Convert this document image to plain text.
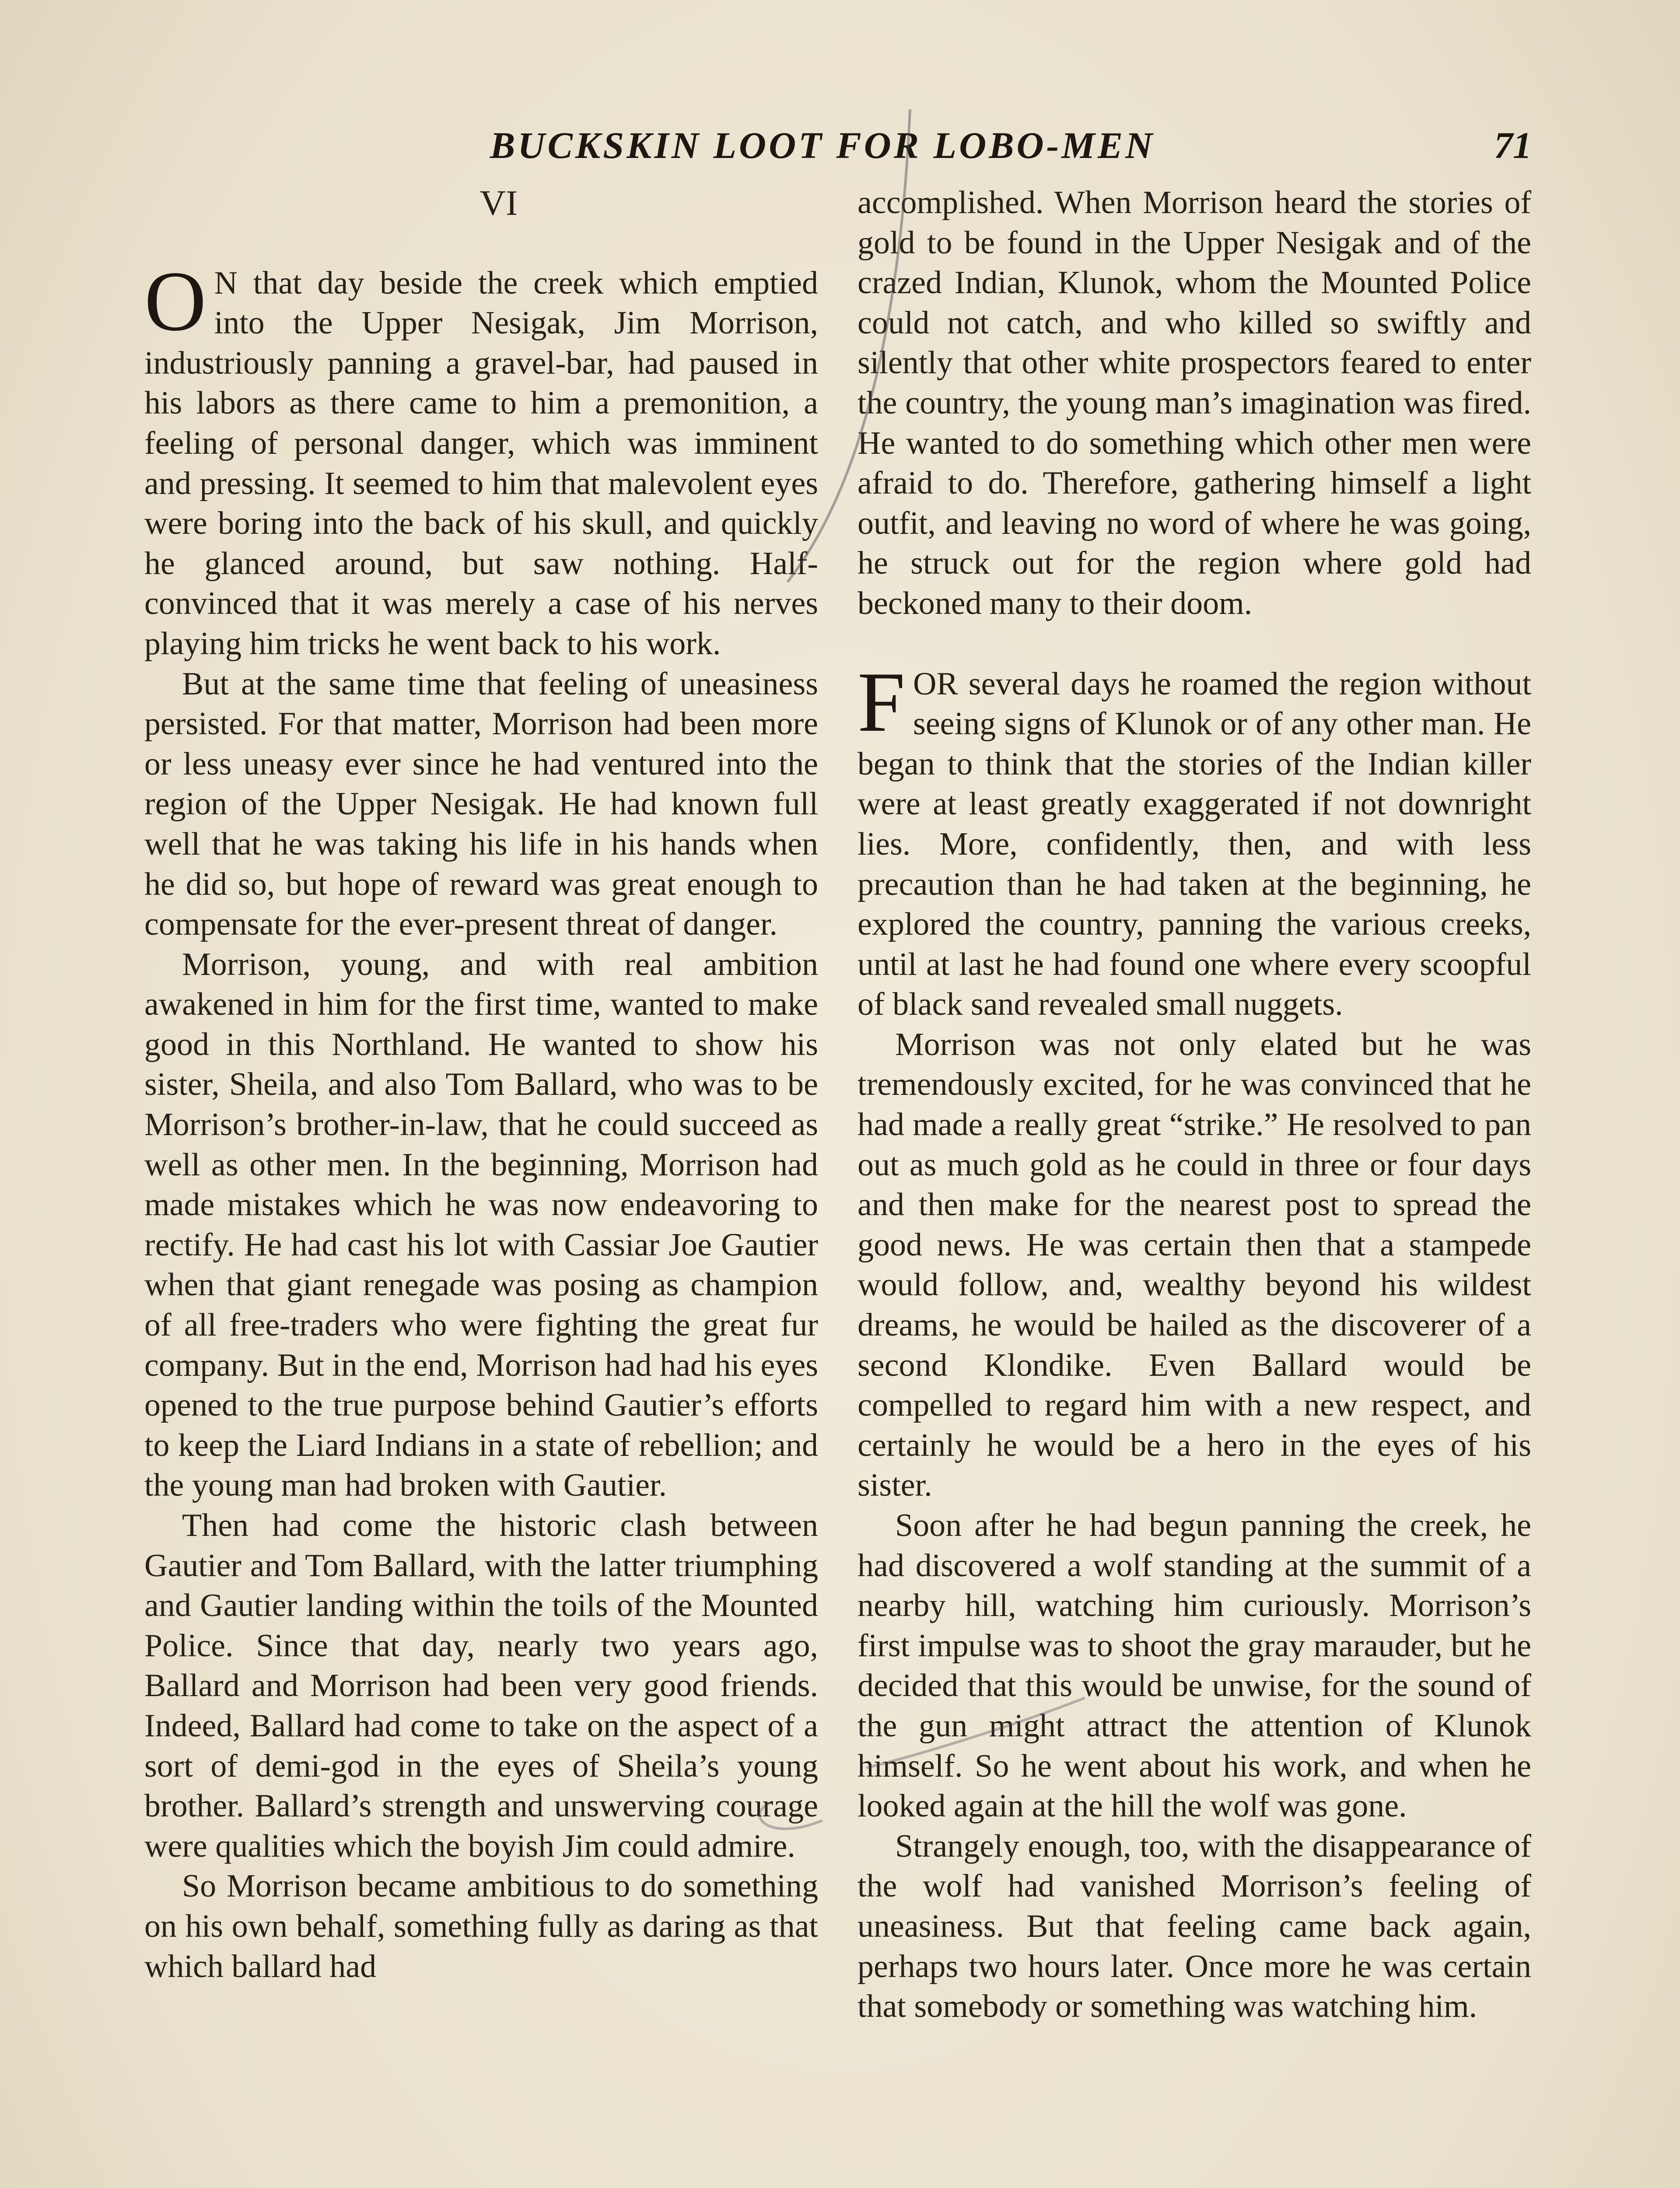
BUCKSKIN LOOT FOR LOBO-MEN	71
VI

O N that day beside the creek which emptied into the Upper Nesigak, Jim Morrison, industriously panning a gravel-bar, had paused in his labors as there came to him a premonition, a feeling of personal danger, which was imminent and pressing. It seemed to him that malevolent eyes were boring into the back of his skull, and quickly he glanced around, but saw nothing. Half-convinced that it was merely a case of his nerves playing him tricks he went back to his work.

But at the same time that feeling of uneasiness persisted. For that matter, Morrison had been more or less uneasy ever since he had ventured into the region of the Upper Nesigak. He had known full well that he was taking his life in his hands when he did so, but hope of reward was great enough to compensate for the ever-present threat of danger.

Morrison, young, and with real ambition awakened in him for the first time, wanted to make good in this Northland. He wanted to show his sister, Sheila, and also Tom Ballard, who was to be Morrison’s brother-in-law, that he could succeed as well as other men. In the beginning, Morrison had made mistakes which he was now endeavoring to rectify. He had cast his lot with Cassiar Joe Gautier when that giant renegade was posing as champion of all free-traders who were fighting the great fur company. But in the end, Morrison had had his eyes opened to the true purpose behind Gautier’s efforts to keep the Liard Indians in a state of rebellion; and the young man had broken with Gautier.

Then had come the historic clash between Gautier and Tom Ballard, with the latter triumphing and Gautier landing within the toils of the Mounted Police. Since that day, nearly two years ago, Ballard and Morrison had been very good friends. Indeed, Ballard had come to take on the aspect of a sort of demi-god in the eyes of Sheila’s young brother. Ballard’s strength and unswerving courage were qualities which the boyish Jim could admire.

So Morrison became ambitious to do something on his own behalf, something fully as daring as that which ballard had

accomplished. When Morrison heard the stories of gold to be found in the Upper Nesigak and of the crazed Indian, Klunok, whom the Mounted Police could not catch, and who killed so swiftly and silently that other white prospectors feared to enter the country, the young man’s imagination was fired. He wanted to do something which other men were afraid to do. Therefore, gathering himself a light outfit, and leaving no word of where he was going, he struck out for the region where gold had beckoned many to their doom.

FOR several days he roamed the region without seeing signs of Klunok or of any other man. He began to think that the stories of the Indian killer were at least greatly exaggerated if not downright lies. More, confidently, then, and with less precaution than he had taken at the beginning, he explored the country, panning the various creeks, until at last he had found one where every scoopful of black sand revealed small nuggets.

Morrison was not only elated but he was tremendously excited, for he was convinced that he had made a really great “strike.” He resolved to pan out as much gold as he could in three or four days and then make for the nearest post to spread the good news. He was certain then that a stampede would follow, and, wealthy beyond his wildest dreams, he would be hailed as the discoverer of a second Klondike. Even Ballard would be compelled to regard him with a new respect, and certainly he would be a hero in the eyes of his sister.

Soon after he had begun panning the creek, he had discovered a wolf standing at the summit of a nearby hill, watching him curiously. Morrison’s first impulse was to shoot the gray marauder, but he decided that this would be unwise, for the sound of the gun might attract the attention of Klunok himself. So he went about his work, and when he looked again at the hill the wolf was gone.

Strangely enough, too, with the disappearance of the wolf had vanished Morrison’s feeling of uneasiness. But that feeling came back again, perhaps two hours later. Once more he was certain that somebody or something was watching him.
